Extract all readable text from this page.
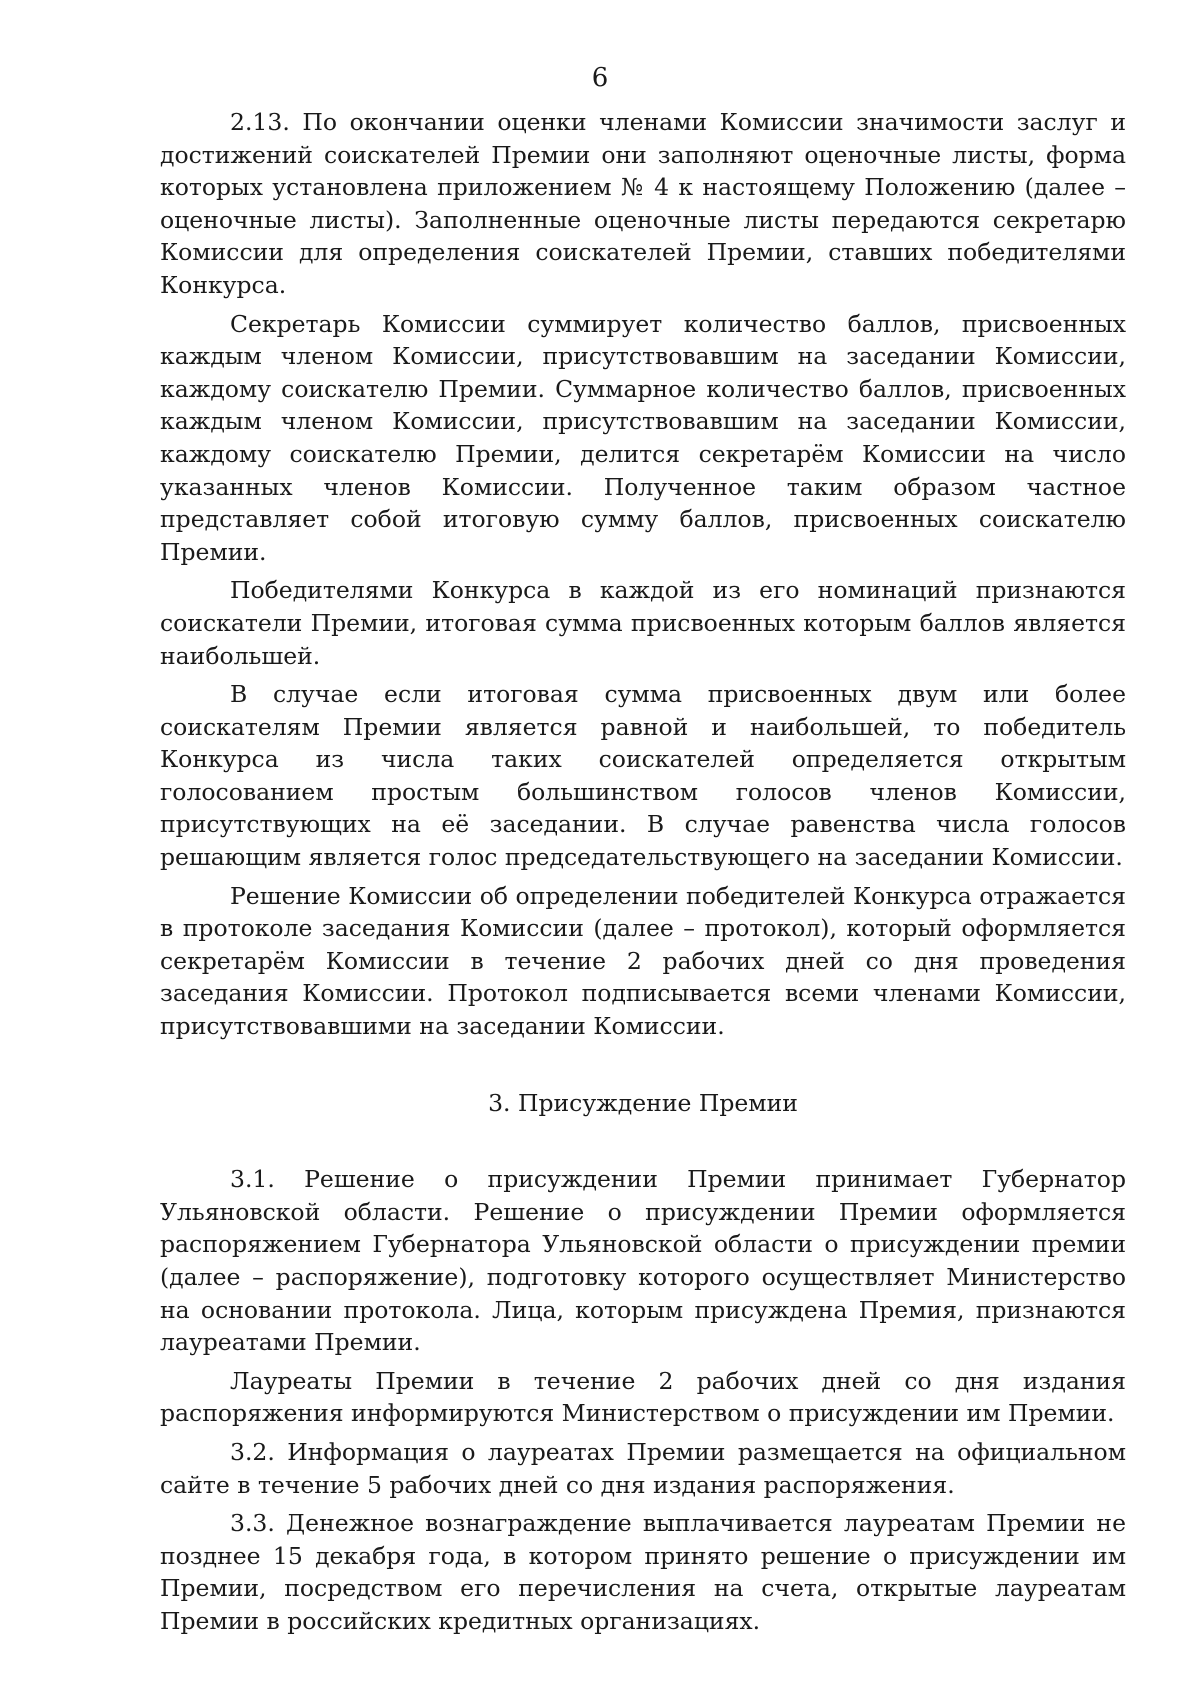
6

2.13. По окончании оценки членами Комиссии значимости заслуг и достижений соискателей Премии они заполняют оценочные листы, форма которых установлена приложением № 4 к настоящему Положению (далее – оценочные листы). Заполненные оценочные листы передаются секретарю Комиссии для определения соискателей Премии, ставших победителями Конкурса.

Секретарь Комиссии суммирует количество баллов, присвоенных каждым членом Комиссии, присутствовавшим на заседании Комиссии, каждому соискателю Премии. Суммарное количество баллов, присвоенных каждым членом Комиссии, присутствовавшим на заседании Комиссии, каждому соискателю Премии, делится секретарём Комиссии на число указанных членов Комиссии. Полученное таким образом частное представляет собой итоговую сумму баллов, присвоенных соискателю Премии.

Победителями Конкурса в каждой из его номинаций признаются соискатели Премии, итоговая сумма присвоенных которым баллов является наибольшей.

В случае если итоговая сумма присвоенных двум или более соискателям Премии является равной и наибольшей, то победитель Конкурса из числа таких соискателей определяется открытым голосованием простым большинством голосов членов Комиссии, присутствующих на её заседании. В случае равенства числа голосов решающим является голос председательствующего на заседании Комиссии.

Решение Комиссии об определении победителей Конкурса отражается в протоколе заседания Комиссии (далее – протокол), который оформляется секретарём Комиссии в течение 2 рабочих дней со дня проведения заседания Комиссии. Протокол подписывается всеми членами Комиссии, присутствовавшими на заседании Комиссии.

3. Присуждение Премии

3.1. Решение о присуждении Премии принимает Губернатор Ульяновской области. Решение о присуждении Премии оформляется распоряжением Губернатора Ульяновской области о присуждении премии (далее – распоряжение), подготовку которого осуществляет Министерство на основании протокола. Лица, которым присуждена Премия, признаются лауреатами Премии.

Лауреаты Премии в течение 2 рабочих дней со дня издания распоряжения информируются Министерством о присуждении им Премии.

3.2. Информация о лауреатах Премии размещается на официальном сайте в течение 5 рабочих дней со дня издания распоряжения.

3.3. Денежное вознаграждение выплачивается лауреатам Премии не позднее 15 декабря года, в котором принято решение о присуждении им Премии, посредством его перечисления на счета, открытые лауреатам Премии в российских кредитных организациях.
